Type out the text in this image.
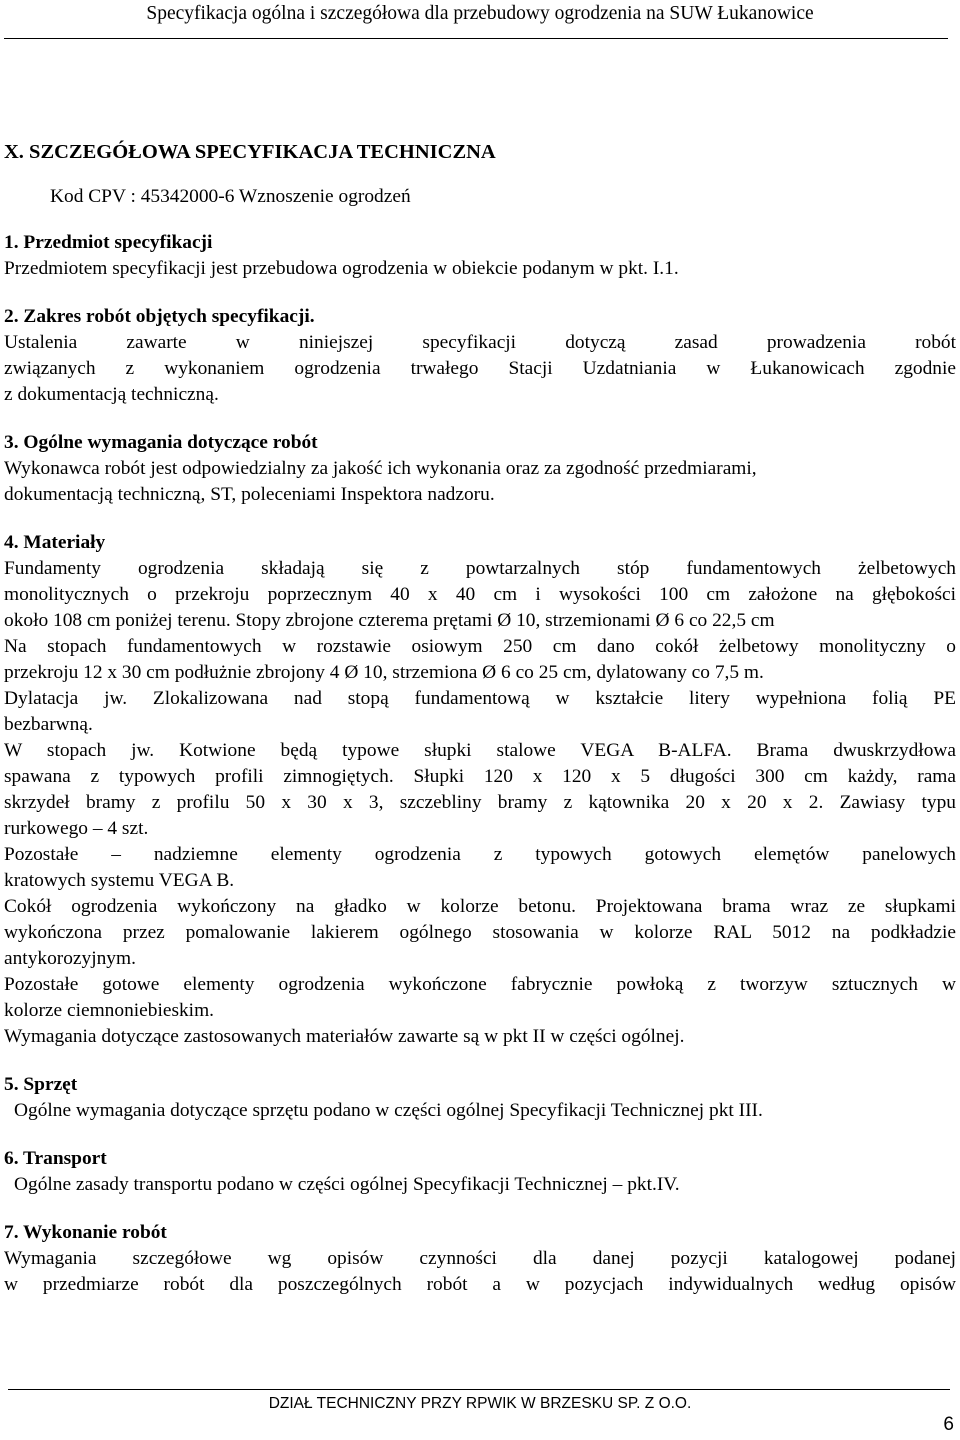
Specyfikacja ogólna i szczegółowa dla przebudowy ogrodzenia na SUW Łukanowice

X. SZCZEGÓŁOWA SPECYFIKACJA TECHNICZNA

Kod CPV : 45342000-6 Wznoszenie ogrodzeń

1. Przedmiot specyfikacji

Przedmiotem specyfikacji jest przebudowa ogrodzenia w obiekcie podanym w pkt. I.1.

2. Zakres robót objętych specyfikacji.

Ustalenia zawarte w niniejszej specyfikacji dotyczą zasad prowadzenia robót

związanych z wykonaniem ogrodzenia trwałego Stacji Uzdatniania w Łukanowicach zgodnie

z dokumentacją techniczną.

3. Ogólne wymagania dotyczące robót

Wykonawca robót jest odpowiedzialny za jakość ich wykonania oraz za zgodność przedmiarami,

dokumentacją techniczną, ST, poleceniami Inspektora nadzoru.

4. Materiały

Fundamenty ogrodzenia składają się z powtarzalnych stóp fundamentowych żelbetowych

monolitycznych o przekroju poprzecznym 40 x 40 cm i wysokości 100 cm założone na głębokości

około 108 cm poniżej terenu. Stopy zbrojone czterema prętami Ø 10, strzemionami Ø 6 co 22,5 cm

Na stopach fundamentowych w rozstawie osiowym 250 cm dano cokół żelbetowy monolityczny o

przekroju 12 x 30 cm podłużnie zbrojony 4 Ø 10, strzemiona Ø 6 co 25 cm, dylatowany co 7,5 m.

Dylatacja jw. Zlokalizowana nad stopą fundamentową w kształcie litery wypełniona folią PE

bezbarwną.

W stopach jw. Kotwione będą typowe słupki stalowe VEGA B-ALFA. Brama dwuskrzydłowa

spawana z typowych profili zimnogiętych. Słupki 120 x 120 x 5 długości 300 cm każdy, rama

skrzydeł bramy z profilu 50 x 30 x 3, szczebliny bramy z kątownika 20 x 20 x 2. Zawiasy typu

rurkowego – 4 szt.

Pozostałe – nadziemne elementy ogrodzenia z typowych gotowych elemętów panelowych

kratowych systemu VEGA B.

Cokół ogrodzenia wykończony na gładko w kolorze betonu. Projektowana brama wraz ze słupkami

wykończona przez pomalowanie lakierem ogólnego stosowania w kolorze RAL 5012 na podkładzie

antykorozyjnym.

Pozostałe gotowe elementy ogrodzenia wykończone fabrycznie powłoką z tworzyw sztucznych w

kolorze ciemnoniebieskim.

Wymagania dotyczące zastosowanych materiałów zawarte są w pkt II w części ogólnej.

5. Sprzęt

Ogólne wymagania dotyczące sprzętu podano w części ogólnej Specyfikacji Technicznej pkt III.

6. Transport

Ogólne zasady transportu podano w części ogólnej Specyfikacji Technicznej – pkt.IV.

7. Wykonanie robót

Wymagania szczegółowe wg opisów czynności dla danej pozycji katalogowej podanej

w przedmiarze robót dla poszczególnych robót a w pozycjach indywidualnych według opisów

DZIAŁ TECHNICZNY PRZY RPWIK W BRZESKU SP. Z O.O.
6
